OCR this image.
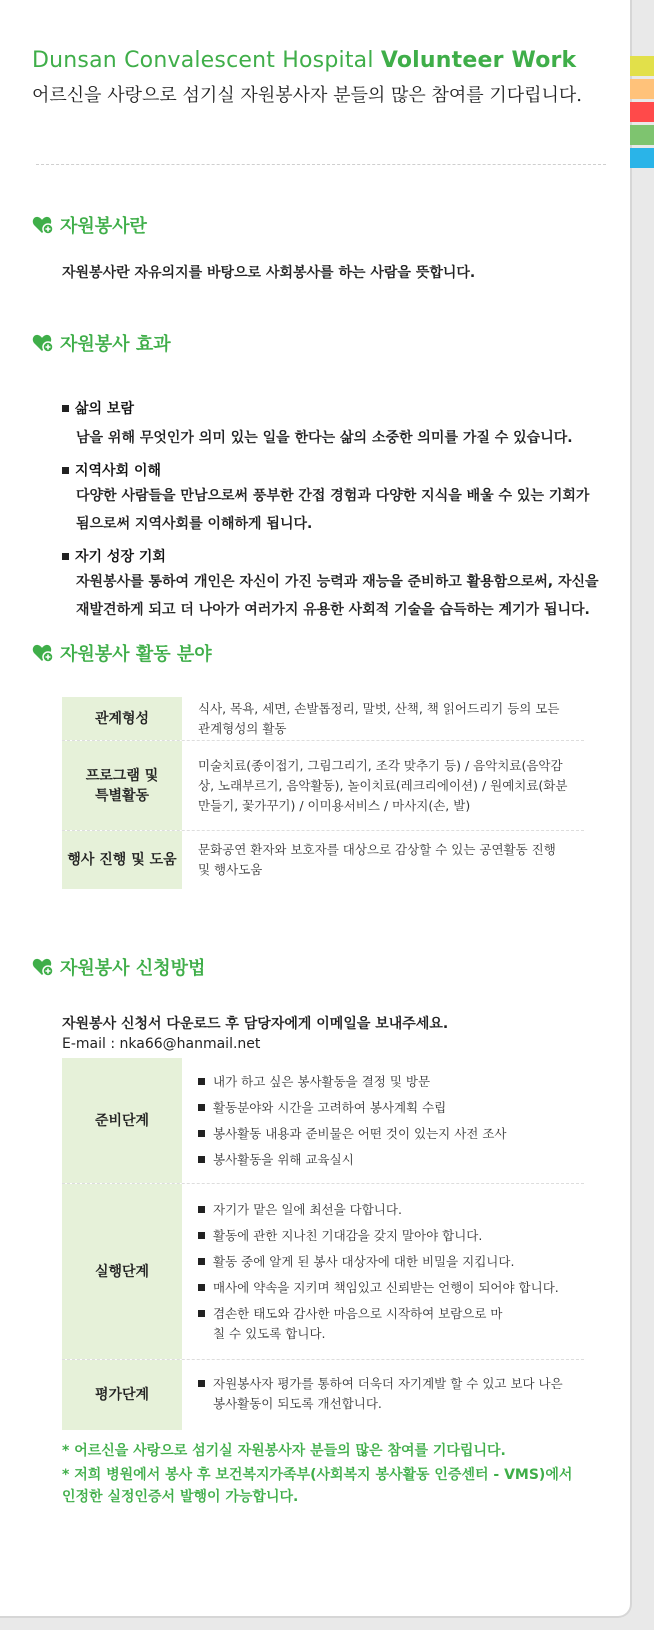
Dunsan Convalescent Hospital Volunteer Work
어르신을 사랑으로 섬기실 자원봉사자 분들의 많은 참여를 기다립니다.
자원봉사란
자원봉사란 자유의지를 바탕으로 사회봉사를 하는 사람을 뜻합니다.
자원봉사 효과
삶의 보람
남을 위해 무엇인가 의미 있는 일을 한다는 삶의 소중한 의미를 가질 수 있습니다.
지역사회 이해
다양한 사람들을 만남으로써 풍부한 간접 경험과 다양한 지식을 배울 수 있는 기회가 됨으로써 지역사회를 이해하게 됩니다.
자기 성장 기회
자원봉사를 통하여 개인은 자신이 가진 능력과 재능을 준비하고 활용함으로써, 자신을 재발견하게 되고 더 나아가 여러가지 유용한 사회적 기술을 습득하는 계기가 됩니다.
자원봉사 활동 분야
관계형성
식사, 목욕, 세면, 손발톱정리, 말벗, 산책, 책 읽어드리기 등의 모든 관계형성의 활동
프로그램 및 특별활동
미술치료(종이접기, 그림그리기, 조각 맞추기 등) / 음악치료(음악감상, 노래부르기, 음악활동), 놀이치료(레크리에이션) / 원예치료(화분만들기, 꽃가꾸기) / 이미용서비스 / 마사지(손, 발)
행사 진행 및 도움
문화공연 환자와 보호자를 대상으로 감상할 수 있는 공연활동 진행 및 행사도움
자원봉사 신청방법
자원봉사 신청서 다운로드 후 담당자에게 이메일을 보내주세요.
E-mail : nka66@hanmail.net
준비단계
내가 하고 싶은 봉사활동을 결정 및 방문
활동분야와 시간을 고려하여 봉사계획 수립
봉사활동 내용과 준비물은 어떤 것이 있는지 사전 조사
봉사활동을 위해 교육실시
실행단계
자기가 맡은 일에 최선을 다합니다.
활동에 관한 지나친 기대감을 갖지 말아야 합니다.
활동 중에 알게 된 봉사 대상자에 대한 비밀을 지킵니다.
매사에 약속을 지키며 책임있고 신뢰받는 언행이 되어야 합니다.
겸손한 태도와 감사한 마음으로 시작하여 보람으로 마칠 수 있도록 합니다.
평가단계
자원봉사자 평가를 통하여 더욱더 자기계발 할 수 있고 보다 나은 봉사활동이 되도록 개선합니다.
* 어르신을 사랑으로 섬기실 자원봉사자 분들의 많은 참여를 기다립니다.
* 저희 병원에서 봉사 후 보건복지가족부(사회복지 봉사활동 인증센터 - VMS)에서 인정한 실정인증서 발행이 가능합니다.
